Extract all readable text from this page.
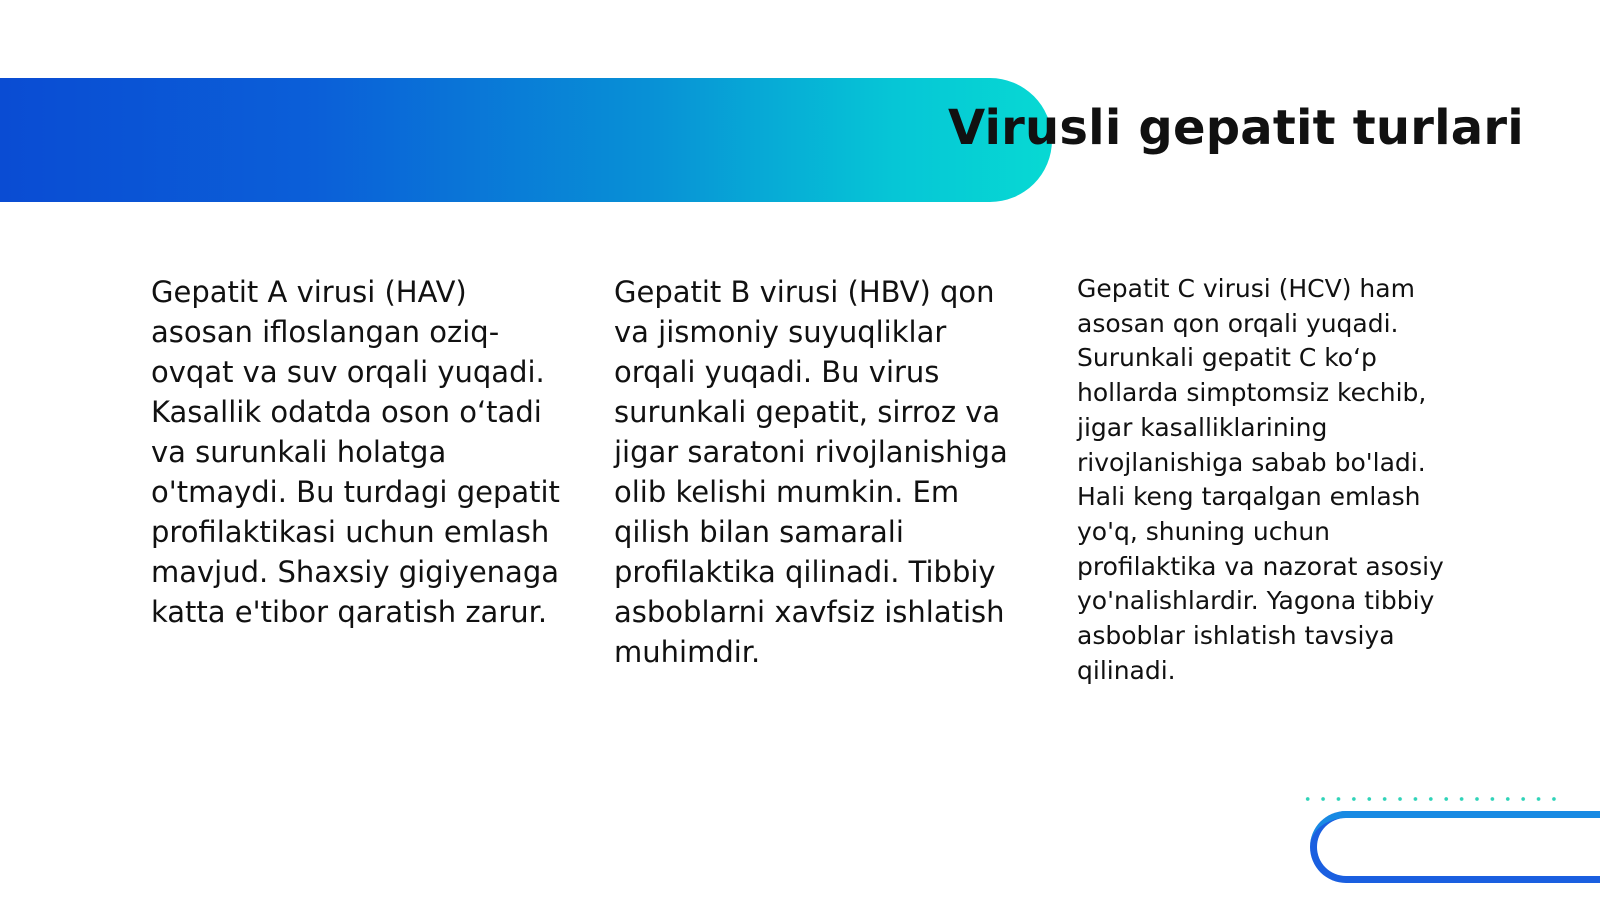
Virusli gepatit turlari

Gepatit A virusi (HAV) asosan ifloslangan oziq-ovqat va suv orqali yuqadi. Kasallik odatda oson o‘tadi va surunkali holatga o'tmaydi. Bu turdagi gepatit profilaktikasi uchun emlash mavjud. Shaxsiy gigiyenaga katta e'tibor qaratish zarur.

Gepatit B virusi (HBV) qon va jismoniy suyuqliklar orqali yuqadi. Bu virus surunkali gepatit, sirroz va jigar saratoni rivojlanishiga olib kelishi mumkin. Em qilish bilan samarali profilaktika qilinadi. Tibbiy asboblarni xavfsiz ishlatish muhimdir.

Gepatit C virusi (HCV) ham asosan qon orqali yuqadi. Surunkali gepatit C ko‘p hollarda simptomsiz kechib, jigar kasalliklarining rivojlanishiga sabab bo'ladi. Hali keng tarqalgan emlash yo'q, shuning uchun profilaktika va nazorat asosiy yo'nalishlardir. Yagona tibbiy asboblar ishlatish tavsiya qilinadi.
